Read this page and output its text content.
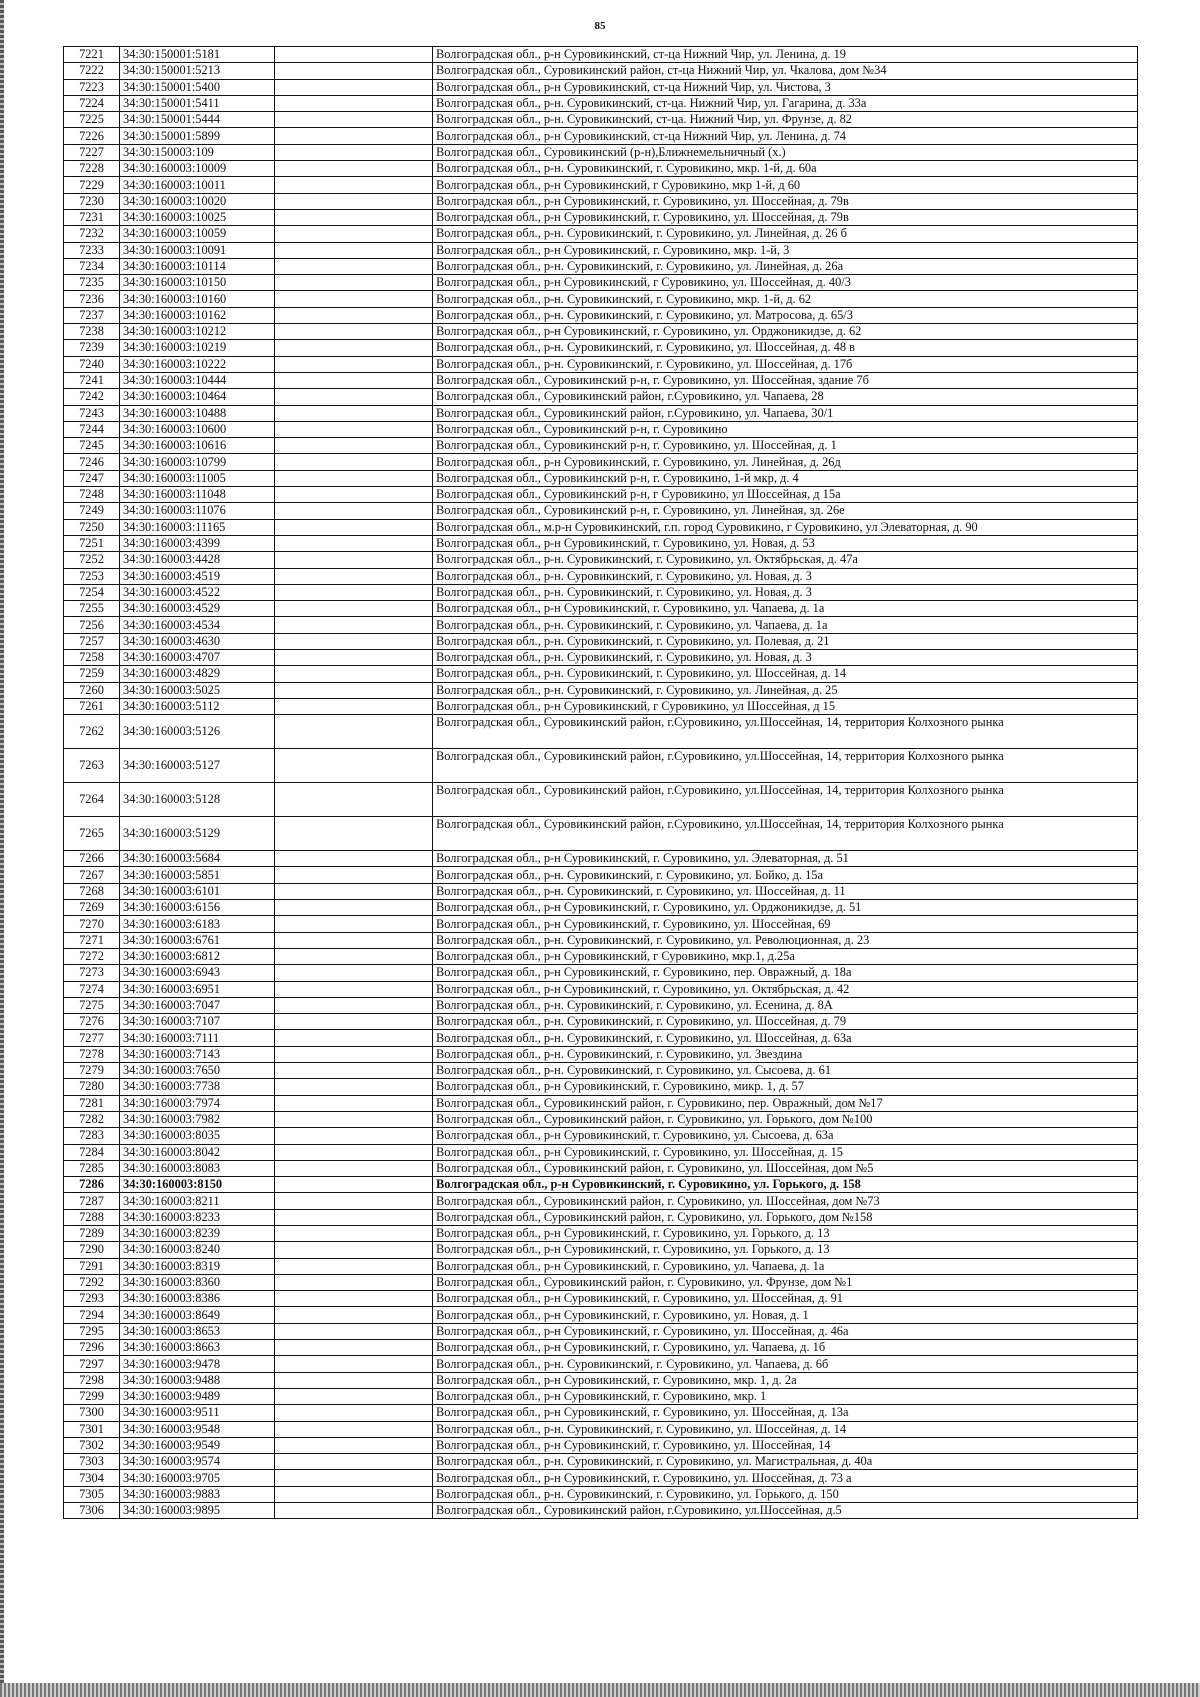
85
7221	34:30:150001:5181		Волгоградская обл., р-н Суровикинский, ст-ца Нижний Чир, ул. Ленина, д. 19
7222	34:30:150001:5213		Волгоградская обл., Суровикинский район, ст-ца Нижний Чир, ул. Чкалова, дом №34
7223	34:30:150001:5400		Волгоградская обл., р-н Суровикинский, ст-ца Нижний Чир, ул. Чистова, 3
7224	34:30:150001:5411		Волгоградская обл., р-н. Суровикинский, ст-ца. Нижний Чир, ул. Гагарина, д. 33а
7225	34:30:150001:5444		Волгоградская обл., р-н. Суровикинский, ст-ца. Нижний Чир, ул. Фрунзе, д. 82
7226	34:30:150001:5899		Волгоградская обл., р-н Суровикинский, ст-ца Нижний Чир, ул. Ленина, д. 74
7227	34:30:150003:109		Волгоградская обл., Суровикинский (р-н),Ближнемельничный (х.)
7228	34:30:160003:10009		Волгоградская обл., р-н. Суровикинский, г. Суровикино, мкр. 1-й, д. 60а
7229	34:30:160003:10011		Волгоградская обл., р-н Суровикинский, г Суровикино, мкр 1-й, д 60
7230	34:30:160003:10020		Волгоградская обл., р-н Суровикинский, г. Суровикино, ул. Шоссейная, д. 79в
7231	34:30:160003:10025		Волгоградская обл., р-н Суровикинский, г. Суровикино, ул. Шоссейная, д. 79в
7232	34:30:160003:10059		Волгоградская обл., р-н. Суровикинский, г. Суровикино, ул. Линейная, д. 26 б
7233	34:30:160003:10091		Волгоградская обл., р-н Суровикинский, г. Суровикино, мкр. 1-й, 3
7234	34:30:160003:10114		Волгоградская обл., р-н. Суровикинский, г. Суровикино, ул. Линейная, д. 26а
7235	34:30:160003:10150		Волгоградская обл., р-н Суровикинский, г Суровикино, ул. Шоссейная, д. 40/3
7236	34:30:160003:10160		Волгоградская обл., р-н. Суровикинский, г. Суровикино, мкр. 1-й, д. 62
7237	34:30:160003:10162		Волгоградская обл., р-н. Суровикинский, г. Суровикино, ул. Матросова, д. 65/3
7238	34:30:160003:10212		Волгоградская обл., р-н Суровикинский, г. Суровикино, ул. Орджоникидзе, д. 62
7239	34:30:160003:10219		Волгоградская обл., р-н. Суровикинский, г. Суровикино, ул. Шоссейная, д. 48 в
7240	34:30:160003:10222		Волгоградская обл., р-н. Суровикинский, г. Суровикино, ул. Шоссейная, д. 17б
7241	34:30:160003:10444		Волгоградская обл., Суровикинский р-н, г. Суровикино, ул. Шоссейная, здание 7б
7242	34:30:160003:10464		Волгоградская обл., Суровикинский район, г.Суровикино, ул. Чапаева, 28
7243	34:30:160003:10488		Волгоградская обл., Суровикинский район, г.Суровикино, ул. Чапаева, 30/1
7244	34:30:160003:10600		Волгоградская обл., Суровикинский р-н, г. Суровикино
7245	34:30:160003:10616		Волгоградская обл., Суровикинский р-н, г. Суровикино, ул. Шоссейная, д. 1
7246	34:30:160003:10799		Волгоградская обл., р-н Суровикинский, г. Суровикино, ул. Линейная, д. 26д
7247	34:30:160003:11005		Волгоградская обл., Суровикинский р-н, г. Суровикино, 1-й мкр, д. 4
7248	34:30:160003:11048		Волгоградская обл., Суровикинский р-н, г Суровикино, ул Шоссейная, д 15а
7249	34:30:160003:11076		Волгоградская обл., Суровикинский р-н, г. Суровикино, ул. Линейная, зд. 26е
7250	34:30:160003:11165		Волгоградская обл., м.р-н Суровикинский, г.п. город Суровикино, г Суровикино, ул Элеваторная, д. 90
7251	34:30:160003:4399		Волгоградская обл., р-н Суровикинский, г. Суровикино, ул. Новая, д. 53
7252	34:30:160003:4428		Волгоградская обл., р-н. Суровикинский, г. Суровикино, ул. Октябрьская, д. 47а
7253	34:30:160003:4519		Волгоградская обл., р-н. Суровикинский, г. Суровикино, ул. Новая, д. 3
7254	34:30:160003:4522		Волгоградская обл., р-н. Суровикинский, г. Суровикино, ул. Новая, д. 3
7255	34:30:160003:4529		Волгоградская обл., р-н Суровикинский, г. Суровикино, ул. Чапаева, д. 1а
7256	34:30:160003:4534		Волгоградская обл., р-н. Суровикинский, г. Суровикино, ул. Чапаева, д. 1а
7257	34:30:160003:4630		Волгоградская обл., р-н. Суровикинский, г. Суровикино, ул. Полевая, д. 21
7258	34:30:160003:4707		Волгоградская обл., р-н. Суровикинский, г. Суровикино, ул. Новая, д. 3
7259	34:30:160003:4829		Волгоградская обл., р-н. Суровикинский, г. Суровикино, ул. Шоссейная, д. 14
7260	34:30:160003:5025		Волгоградская обл., р-н. Суровикинский, г. Суровикино, ул. Линейная, д. 25
7261	34:30:160003:5112		Волгоградская обл., р-н Суровикинский, г Суровикино, ул Шоссейная, д 15
7262	34:30:160003:5126		Волгоградская обл., Суровикинский район, г.Суровикино, ул.Шоссейная, 14, территория Колхозного рынка
7263	34:30:160003:5127		Волгоградская обл., Суровикинский район, г.Суровикино, ул.Шоссейная, 14, территория Колхозного рынка
7264	34:30:160003:5128		Волгоградская обл., Суровикинский район, г.Суровикино, ул.Шоссейная, 14, территория Колхозного рынка
7265	34:30:160003:5129		Волгоградская обл., Суровикинский район, г.Суровикино, ул.Шоссейная, 14, территория Колхозного рынка
7266	34:30:160003:5684		Волгоградская обл., р-н Суровикинский, г. Суровикино, ул. Элеваторная, д. 51
7267	34:30:160003:5851		Волгоградская обл., р-н. Суровикинский, г. Суровикино, ул. Бойко, д. 15а
7268	34:30:160003:6101		Волгоградская обл., р-н. Суровикинский, г. Суровикино, ул. Шоссейная, д. 11
7269	34:30:160003:6156		Волгоградская обл., р-н Суровикинский, г. Суровикино, ул. Орджоникидзе, д. 51
7270	34:30:160003:6183		Волгоградская обл., р-н Суровикинский, г. Суровикино, ул. Шоссейная, 69
7271	34:30:160003:6761		Волгоградская обл., р-н. Суровикинский, г. Суровикино, ул. Революционная, д. 23
7272	34:30:160003:6812		Волгоградская обл., р-н Суровикинский, г Суровикино, мкр.1, д.25а
7273	34:30:160003:6943		Волгоградская обл., р-н Суровикинский, г. Суровикино, пер. Овражный, д. 18а
7274	34:30:160003:6951		Волгоградская обл., р-н Суровикинский, г. Суровикино, ул. Октябрьская, д. 42
7275	34:30:160003:7047		Волгоградская обл., р-н. Суровикинский, г. Суровикино, ул. Есенина, д. 8А
7276	34:30:160003:7107		Волгоградская обл., р-н. Суровикинский, г. Суровикино, ул. Шоссейная, д. 79
7277	34:30:160003:7111		Волгоградская обл., р-н. Суровикинский, г. Суровикино, ул. Шоссейная, д. 63а
7278	34:30:160003:7143		Волгоградская обл., р-н. Суровикинский, г. Суровикино, ул. Звездина
7279	34:30:160003:7650		Волгоградская обл., р-н. Суровикинский, г. Суровикино, ул. Сысоева, д. 61
7280	34:30:160003:7738		Волгоградская обл., р-н Суровикинский, г. Суровикино, микр. 1, д. 57
7281	34:30:160003:7974		Волгоградская обл., Суровикинский район, г. Суровикино, пер. Овражный, дом №17
7282	34:30:160003:7982		Волгоградская обл., Суровикинский район, г. Суровикино, ул. Горького, дом №100
7283	34:30:160003:8035		Волгоградская обл., р-н Суровикинский, г. Суровикино, ул. Сысоева, д. 63а
7284	34:30:160003:8042		Волгоградская обл., р-н Суровикинский, г. Суровикино, ул. Шоссейная, д. 15
7285	34:30:160003:8083		Волгоградская обл., Суровикинский район, г. Суровикино, ул. Шоссейная, дом №5
7286	34:30:160003:8150		Волгоградская обл., р-н Суровикинский, г. Суровикино, ул. Горького, д. 158
7287	34:30:160003:8211		Волгоградская обл., Суровикинский район, г. Суровикино, ул. Шоссейная, дом №73
7288	34:30:160003:8233		Волгоградская обл., Суровикинский район, г. Суровикино, ул. Горького, дом №158
7289	34:30:160003:8239		Волгоградская обл., р-н Суровикинский, г. Суровикино, ул. Горького, д. 13
7290	34:30:160003:8240		Волгоградская обл., р-н Суровикинский, г. Суровикино, ул. Горького, д. 13
7291	34:30:160003:8319		Волгоградская обл., р-н Суровикинский, г. Суровикино, ул. Чапаева, д. 1а
7292	34:30:160003:8360		Волгоградская обл., Суровикинский район, г. Суровикино, ул. Фрунзе, дом №1
7293	34:30:160003:8386		Волгоградская обл., р-н Суровикинский, г. Суровикино, ул. Шоссейная, д. 91
7294	34:30:160003:8649		Волгоградская обл., р-н Суровикинский, г. Суровикино, ул. Новая, д. 1
7295	34:30:160003:8653		Волгоградская обл., р-н Суровикинский, г. Суровикино, ул. Шоссейная, д. 46а
7296	34:30:160003:8663		Волгоградская обл., р-н Суровикинский, г. Суровикино, ул. Чапаева, д. 1б
7297	34:30:160003:9478		Волгоградская обл., р-н. Суровикинский, г. Суровикино, ул. Чапаева, д. 6б
7298	34:30:160003:9488		Волгоградская обл., р-н Суровикинский, г. Суровикино, мкр. 1, д. 2а
7299	34:30:160003:9489		Волгоградская обл., р-н Суровикинский, г. Суровикино, мкр. 1
7300	34:30:160003:9511		Волгоградская обл., р-н Суровикинский, г. Суровикино, ул. Шоссейная, д. 13а
7301	34:30:160003:9548		Волгоградская обл., р-н. Суровикинский, г. Суровикино, ул. Шоссейная, д. 14
7302	34:30:160003:9549		Волгоградская обл., р-н Суровикинский, г. Суровикино, ул. Шоссейная, 14
7303	34:30:160003:9574		Волгоградская обл., р-н. Суровикинский, г. Суровикино, ул. Магистральная, д. 40а
7304	34:30:160003:9705		Волгоградская обл., р-н Суровикинский, г. Суровикино, ул. Шоссейная, д. 73 а
7305	34:30:160003:9883		Волгоградская обл., р-н. Суровикинский, г. Суровикино, ул. Горького, д. 150
7306	34:30:160003:9895		Волгоградская обл., Суровикинский район, г.Суровикино, ул.Шоссейная, д.5
